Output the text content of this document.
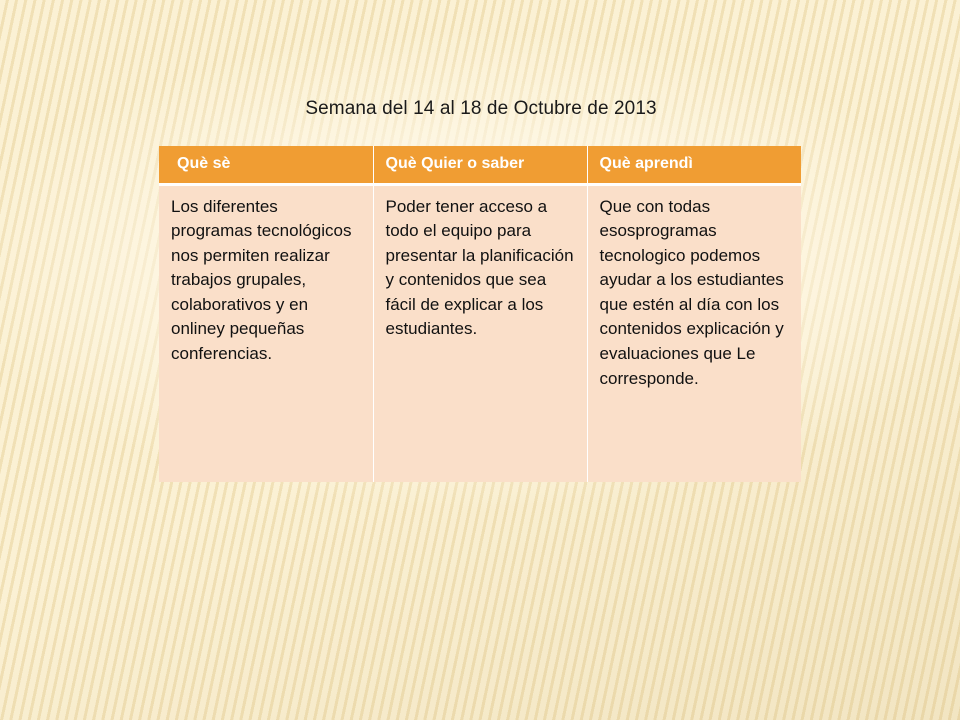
Semana del 14 al 18 de Octubre de 2013
Què sè	Què Quier o saber	Què aprendì
Los diferentes programas tecnológicos nos permiten realizar trabajos grupales, colaborativos y en onliney pequeñas conferencias.	Poder tener acceso a todo el equipo para presentar la planificación y contenidos que sea fácil de explicar a los estudiantes.	Que con todas esosprogramas tecnologico podemos ayudar a los estudiantes que estén al día con los contenidos explicación y evaluaciones que Le corresponde.
